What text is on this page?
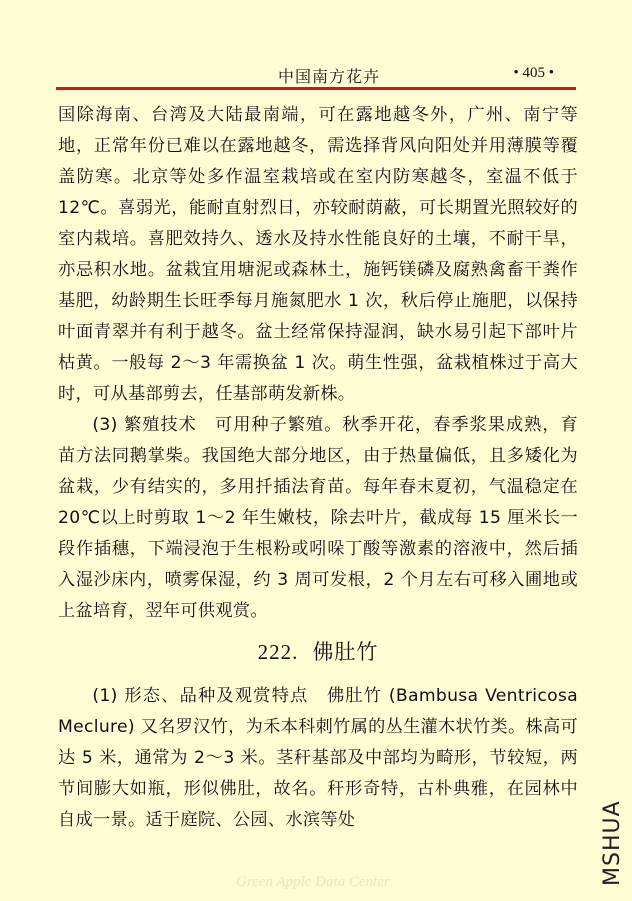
中国南方花卉	• 405 •

国除海南、台湾及大陆最南端，可在露地越冬外，广州、南宁等地，正常年份已难以在露地越冬，需选择背风向阳处并用薄膜等覆盖防寒。北京等处多作温室栽培或在室内防寒越冬，室温不低于 12℃。喜弱光，能耐直射烈日，亦较耐荫蔽，可长期置光照较好的室内栽培。喜肥效持久、透水及持水性能良好的土壤，不耐干旱，亦忌积水地。盆栽宜用塘泥或森林土，施钙镁磷及腐熟禽畜干粪作基肥，幼龄期生长旺季每月施氮肥水 1 次，秋后停止施肥，以保持叶面青翠并有利于越冬。盆土经常保持湿润，缺水易引起下部叶片枯黄。一般每 2～3 年需换盆 1 次。萌生性强，盆栽植株过于高大时，可从基部剪去，任基部萌发新株。

(3) 繁殖技术　可用种子繁殖。秋季开花，春季浆果成熟，育苗方法同鹅掌柴。我国绝大部分地区，由于热量偏低，且多矮化为盆栽，少有结实的，多用扦插法育苗。每年春末夏初，气温稳定在 20℃以上时剪取 1～2 年生嫩枝，除去叶片，截成每 15 厘米长一段作插穗，下端浸泡于生根粉或吲哚丁酸等激素的溶液中，然后插入湿沙床内，喷雾保湿，约 3 周可发根，2 个月左右可移入圃地或上盆培育，翌年可供观赏。

222. 佛肚竹

(1) 形态、品种及观赏特点　佛肚竹 (Bambusa Ventricosa Meclure) 又名罗汉竹，为禾本科刺竹属的丛生灌木状竹类。株高可达 5 米，通常为 2～3 米。茎秆基部及中部均为畸形，节较短，两节间膨大如瓶，形似佛肚，故名。秆形奇特，古朴典雅，在园林中自成一景。适于庭院、公园、水滨等处	MSHUA
Green Apple Data Center
